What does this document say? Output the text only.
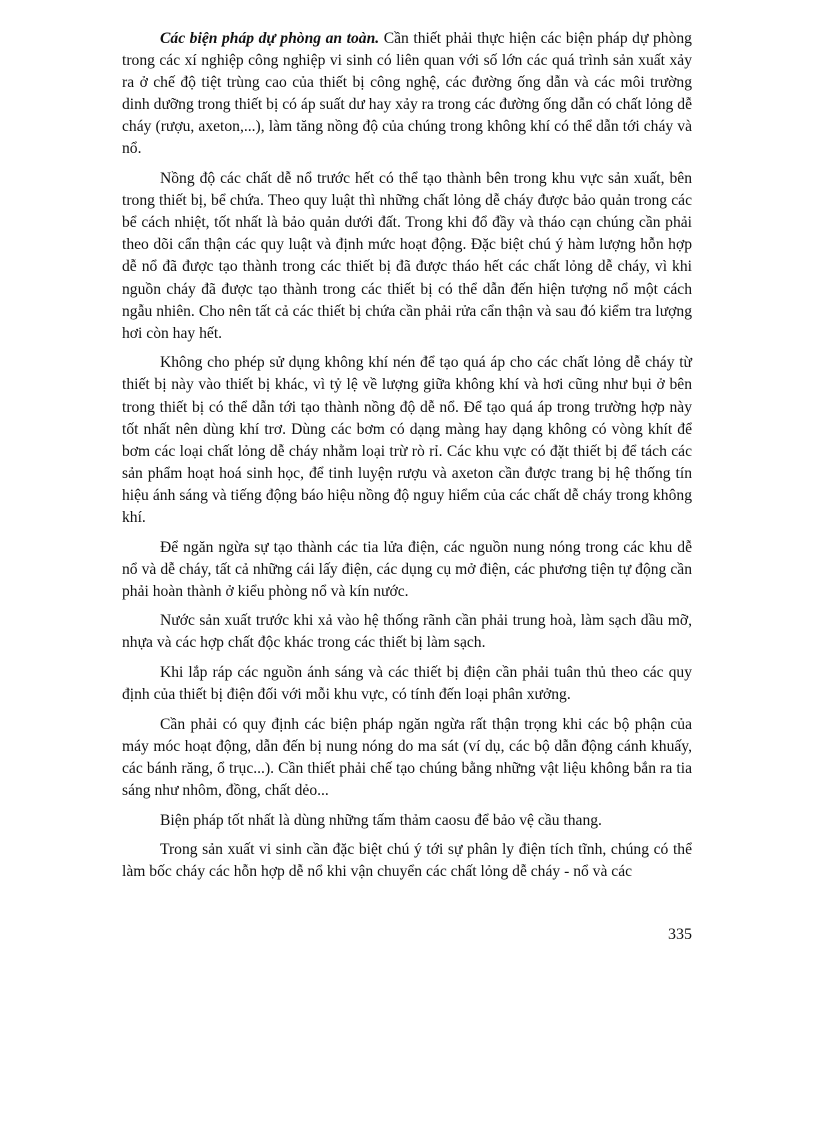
Các biện pháp dự phòng an toàn. Cần thiết phải thực hiện các biện pháp dự phòng trong các xí nghiệp công nghiệp vi sinh có liên quan với số lớn các quá trình sản xuất xảy ra ở chế độ tiệt trùng cao của thiết bị công nghệ, các đường ống dẫn và các môi trường dinh dưỡng trong thiết bị có áp suất dư hay xảy ra trong các đường ống dẫn có chất lỏng dễ cháy (rượu, axeton,...), làm tăng nồng độ của chúng trong không khí có thể dẫn tới cháy và nổ.

Nồng độ các chất dễ nổ trước hết có thể tạo thành bên trong khu vực sản xuất, bên trong thiết bị, bể chứa. Theo quy luật thì những chất lỏng dễ cháy được bảo quản trong các bể cách nhiệt, tốt nhất là bảo quản dưới đất. Trong khi đổ đầy và tháo cạn chúng cần phải theo dõi cẩn thận các quy luật và định mức hoạt động. Đặc biệt chú ý hàm lượng hỗn hợp dễ nổ đã được tạo thành trong các thiết bị đã được tháo hết các chất lỏng dễ cháy, vì khi nguồn cháy đã được tạo thành trong các thiết bị có thể dẫn đến hiện tượng nổ một cách ngẫu nhiên. Cho nên tất cả các thiết bị chứa cần phải rửa cẩn thận và sau đó kiểm tra lượng hơi còn hay hết.

Không cho phép sử dụng không khí nén để tạo quá áp cho các chất lỏng dễ cháy từ thiết bị này vào thiết bị khác, vì tỷ lệ về lượng giữa không khí và hơi cũng như bụi ở bên trong thiết bị có thể dẫn tới tạo thành nồng độ dễ nổ. Để tạo quá áp trong trường hợp này tốt nhất nên dùng khí trơ. Dùng các bơm có dạng màng hay dạng không có vòng khít để bơm các loại chất lỏng dễ cháy nhằm loại trừ rò rỉ. Các khu vực có đặt thiết bị để tách các sản phẩm hoạt hoá sinh học, để tinh luyện rượu và axeton cần được trang bị hệ thống tín hiệu ánh sáng và tiếng động báo hiệu nồng độ nguy hiểm của các chất dễ cháy trong không khí.

Để ngăn ngừa sự tạo thành các tia lửa điện, các nguồn nung nóng trong các khu dễ nổ và dễ cháy, tất cả những cái lấy điện, các dụng cụ mở điện, các phương tiện tự động cần phải hoàn thành ở kiểu phòng nổ và kín nước.

Nước sản xuất trước khi xả vào hệ thống rãnh cần phải trung hoà, làm sạch dầu mỡ, nhựa và các hợp chất độc khác trong các thiết bị làm sạch.

Khi lắp ráp các nguồn ánh sáng và các thiết bị điện cần phải tuân thủ theo các quy định của thiết bị điện đối với mỗi khu vực, có tính đến loại phân xưởng.

Cần phải có quy định các biện pháp ngăn ngừa rất thận trọng khi các bộ phận của máy móc hoạt động, dẫn đến bị nung nóng do ma sát (ví dụ, các bộ dẫn động cánh khuấy, các bánh răng, ổ trục...). Cần thiết phải chế tạo chúng bằng những vật liệu không bắn ra tia sáng như nhôm, đồng, chất dẻo...

Biện pháp tốt nhất là dùng những tấm thảm caosu để bảo vệ cầu thang.

Trong sản xuất vi sinh cần đặc biệt chú ý tới sự phân ly điện tích tĩnh, chúng có thể làm bốc cháy các hỗn hợp dễ nổ khi vận chuyển các chất lỏng dễ cháy - nổ và các

335
